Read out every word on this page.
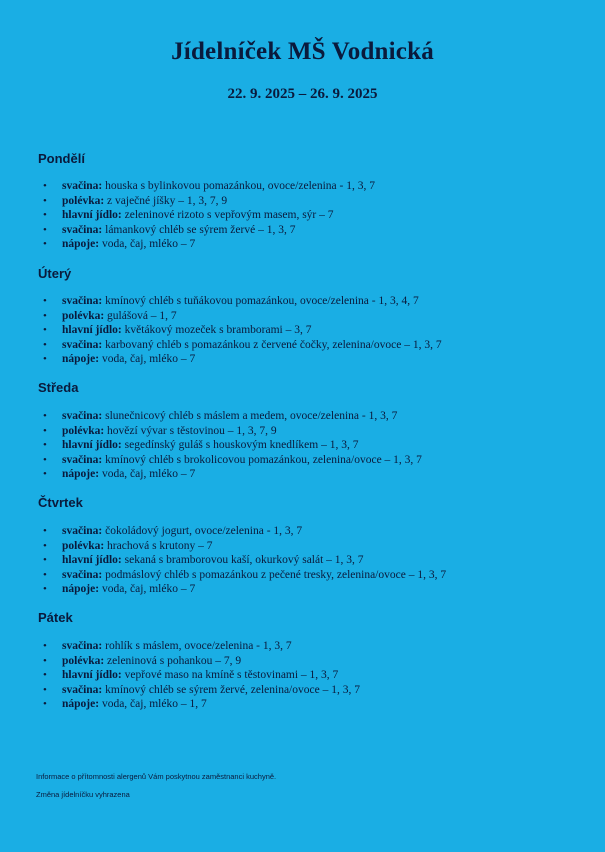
Jídelníček MŠ Vodnická
22. 9. 2025 – 26. 9. 2025
Pondělí
• svačina: houska s bylinkovou pomazánkou, ovoce/zelenina - 1, 3, 7
• polévka: z vaječné jíšky – 1, 3, 7, 9
• hlavní jídlo: zeleninové rizoto s vepřovým masem, sýr – 7
• svačina: lámankový chléb se sýrem žervé – 1, 3, 7
• nápoje: voda, čaj, mléko – 7
Úterý
• svačina: kmínový chléb s tuňákovou pomazánkou, ovoce/zelenina - 1, 3, 4, 7
• polévka: gulášová – 1, 7
• hlavní jídlo: květákový mozeček s bramborami – 3, 7
• svačina: karbovaný chléb s pomazánkou z červené čočky, zelenina/ovoce – 1, 3, 7
• nápoje: voda, čaj, mléko – 7
Středa
• svačina: slunečnicový chléb s máslem a medem, ovoce/zelenina - 1, 3, 7
• polévka: hovězí vývar s těstovinou – 1, 3, 7, 9
• hlavní jídlo: segedínský guláš s houskovým knedlíkem – 1, 3, 7
• svačina: kmínový chléb s brokolicovou pomazánkou, zelenina/ovoce – 1, 3, 7
• nápoje: voda, čaj, mléko – 7
Čtvrtek
• svačina: čokoládový jogurt, ovoce/zelenina - 1, 3, 7
• polévka: hrachová s krutony – 7
• hlavní jídlo: sekaná s bramborovou kaší, okurkový salát – 1, 3, 7
• svačina: podmáslový chléb s pomazánkou z pečené tresky, zelenina/ovoce – 1, 3, 7
• nápoje: voda, čaj, mléko – 7
Pátek
• svačina: rohlík s máslem, ovoce/zelenina - 1, 3, 7
• polévka: zeleninová s pohankou – 7, 9
• hlavní jídlo: vepřové maso na kmíně s těstovinami – 1, 3, 7
• svačina: kmínový chléb se sýrem žervé, zelenina/ovoce – 1, 3, 7
• nápoje: voda, čaj, mléko – 1, 7
Informace o přítomnosti alergenů Vám poskytnou zaměstnanci kuchyně.
Změna jídelníčku vyhrazena
